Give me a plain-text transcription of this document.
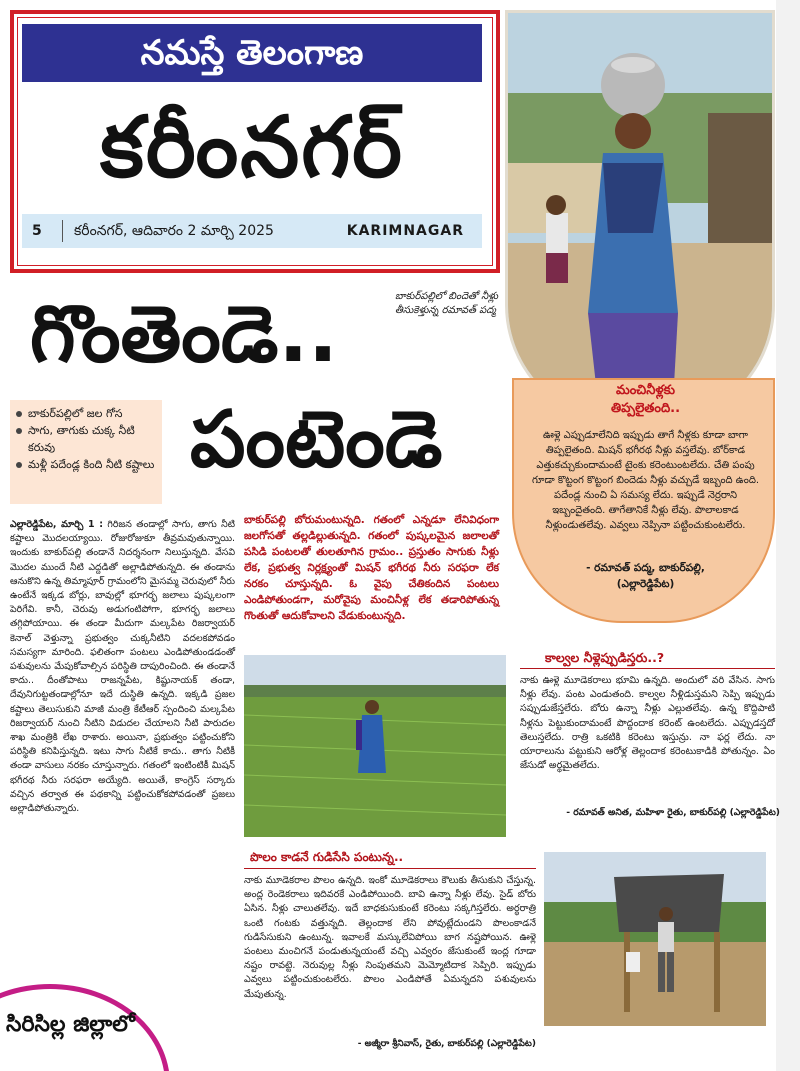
నమస్తే తెలంగాణ
కరీంనగర్
5 కరీంనగర్, ఆదివారం 2 మార్చి 2025	KARIMNAGAR
మంచినీళ్లకు
తిప్పలైతంది..
ఊళ్లె ఎప్పుడూలేనిది ఇప్పుడు తాగే నీళ్లకు కూడా బాగా తిప్పలైతంది. మిషన్‌ భగీరథ నీళ్లు వస్తలేవు. బోర్‌కాడ ఎత్తుకచ్చుకుందామంటే టైంకు కరెంటుంటలేదు. చేతి పంపు గూడా కొట్టంగ కొట్టంగ బిందెడు నీళ్లు వచ్చుడే ఇబ్బంది ఉంది. పదేండ్ల నుంచి ఏ సమస్య లేదు. ఇప్పుడే నెర్రరాని ఇబ్బందైతంది. తాగేతానికే నీళ్లు లేవు. పొలాలకాడ నీళ్లుండుతలేవు. ఎవ్వలు నెప్పినా పట్టించుకుంటలేరు.
- రమావత్‌ పద్మ, బాకుర్‌పల్లి,
(ఎల్లారెడ్డిపేట)
గొంతెండె..
పంటెండె
బాకుర్‌పల్లిలో బిందెతో నీళ్లు తీసుకెళ్తున్న రమావత్‌ పద్మ
బాకుర్‌పల్లిలో జల గోస
సాగు, తాగుకు చుక్క నీటి కరువు
మళ్లీ పదేండ్ల కింది నీటి కష్టాలు
ఎల్లారెడ్డిపేట, మార్చి 1 : గిరిజన తండాల్లో సాగు, తాగు నీటి కష్టాలు మొదలయ్యాయి. రోజురోజుకూ తీవ్రమవుతున్నాయి. ఇందుకు బాకుర్‌పల్లి తండానే నిదర్శనంగా నిలుస్తున్నది. వేసవి మొదల ముందే నీటి ఎద్దడితో అల్లాడిపోతున్నది. ఈ తండాను ఆనుకొని ఉన్న తిమ్మాపూర్‌ గ్రామంలోని మైసమ్మ చెరువులో నీరు ఉంటేనే ఇక్కడ బోర్లు, బావుల్లో భూగర్భ జలాలు పుష్కలంగా పెరిగేవి. కానీ, చెరువు అడుగంటిపోగా, భూగర్భ జలాలు తగ్గిపోయాయి. ఈ తండా మీదుగా మల్కపేట రిజర్వాయర్‌ కెనాల్‌ వెళ్తున్నా ప్రభుత్వం చుక్కనీటిని వదలకపోవడం సమస్యగా మారింది. ఫలితంగా పంటలు ఎండిపోతుండడంతో పశువులను మేపుకోవాల్సిన పరిస్థితి దాపురించింది. ఈ తండానే కాదు.. దీంతోపాటు రాజన్నపేట, కిష్టునాయక్‌ తండా, దేవునిగుట్టతండాల్లోనూ ఇదే దుస్థితి ఉన్నది. ఇక్కడి ప్రజల కష్టాలు తెలుసుకుని మాజీ మంత్రి కేటీఆర్‌ స్పందించి మల్కపేట రిజర్వాయర్‌ నుంచి నీటిని విడుదల చేయాలని నీటి పారుదల శాఖ మంత్రికి లేఖ రాశారు. అయినా, ప్రభుత్వం పట్టించుకోని పరిస్థితి కనిపిస్తున్నది. ఇటు సాగు నీటికే కాదు.. తాగు నీటికీ తండా వాసులు నరకం చూస్తున్నారు. గతంలో ఇంటింటికీ మిషన్‌ భగీరథ నీరు సరఫరా అయ్యేది. అయితే, కాంగ్రెస్‌ సర్కారు వచ్చిన తర్వాత ఈ పథకాన్ని పట్టించుకోకపోవడంతో ప్రజలు అల్లాడిపోతున్నారు.
బాకుర్‌పల్లి బోరుమంటున్నది. గతంలో ఎన్నడూ లేనివిధంగా జలగోసతో తల్లడిల్లుతున్నది. గతంలో పుష్కలమైన జలాలతో పసిడి పంటలతో తులతూగిన గ్రామం.. ప్రస్తుతం సాగుకు నీళ్లు లేక, ప్రభుత్వ నిర్లక్ష్యంతో మిషన్‌ భగీరథ నీరు సరఫరా లేక నరకం చూస్తున్నది. ఓ వైపు చేతికందిన పంటలు ఎండిపోతుండగా, మరోవైపు మంచినీళ్ల లేక తడారిపోతున్న గొంతుతో ఆదుకోవాలని వేడుకుంటున్నది.
కాల్వల నీళ్లెప్పుడిస్తరు..?
నాకు ఊళ్లె మూడెకరాలు భూమి ఉన్నది. అందులో వరి వేసిన. సాగు నీళ్లు లేవు. పంట ఎండుతంది. కాల్వల నీళ్లిడుస్తమని సెప్పి ఇప్పుడు సప్పుడుజేస్తలేరు. బోరు ఉన్నా నీళ్లు ఎల్లుతలేవు. ఉన్న కొద్దిపాటి నీళ్లను పెట్టుకుందామంటే పొద్దందాక కరెంట్‌ ఉంటలేదు. ఎప్పుడస్తదో తెలుస్తలేదు. రాత్రి ఒకటికి కరెంటు ఇస్తున్రు. నా ఫర్ల లేదు. నా యారాలును పట్టుకుని ఆరోళ్ల తెల్లందాక కరెంటుకాడికి పోతున్నం. ఏం జేసుడో అర్థమైతలేదు.
- రమావత్‌ అనిత, మహిళా రైతు, బాకుర్‌పల్లి (ఎల్లారెడ్డిపేట)
పొలం కాడనే గుడిసేసి పంటున్న..
నాకు మూడెకరాల పొలం ఉన్నది. ఇంకో మూడెకరాలు కౌలుకు తీసుకుని చేస్తున్న. అంద్ల రెండెకరాలు ఇదివరకే ఎండిపోయింది. బావి ఉన్నా నీళ్లు లేవు. సైడ్‌ బోరు ఏసిన. నీళ్లు చాలుతలేవు. ఇదే బాధకుసుకుంటే కరెంటు సక్కగిస్తలేరు. అర్ధరాత్రి ఒంటి గంటకు వత్తున్నది. తెల్లందాక లేని పోవుట్లేదుండని పొలంకాడనే గుడిసేసుకుని ఉంటున్న. ఇవాలకే మస్కులేవిపోయి బాగ నష్టపోయిన. ఊళ్లె పంటలు మంచిగనే పండుతున్నయంటే వచ్చి ఎవ్వరం జేసుకుంటే ఇంద్ల గూడా నష్టం రావట్టె. నెరువుల్ల నీళ్లు నింపుతమని మెమ్మోటిదాక సెప్పిరి. ఇప్పుడు ఎవ్వలు పట్టించుకుంటలేరు. పొలం ఎండిపోతే ఏమన్నదని పశువులను మేపుతున్న.
- అజ్మీరా శ్రీనివాస్‌, రైతు, బాకుర్‌పల్లి (ఎల్లారెడ్డిపేట)
సిరిసిల్ల జిల్లాలో
